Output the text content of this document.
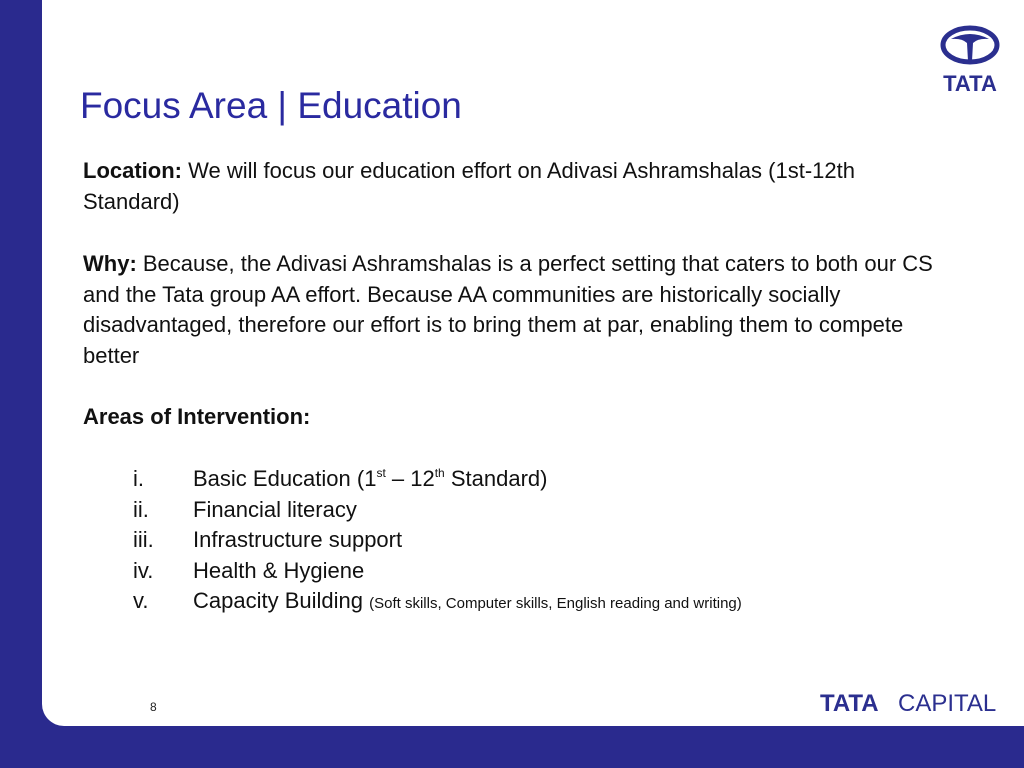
Focus Area | Education
Location: We will focus our education effort on Adivasi Ashramshalas (1st-12th Standard)
Why: Because, the Adivasi Ashramshalas is a perfect setting that caters to both our CS and the Tata group AA effort. Because AA communities are historically socially disadvantaged, therefore our effort is to bring them at par, enabling them to compete better
Areas of Intervention:
i. Basic Education (1st – 12th Standard)
ii. Financial literacy
iii. Infrastructure support
iv. Health & Hygiene
v. Capacity Building (Soft skills, Computer skills, English reading and writing)
8
TATA
TATA CAPITAL
